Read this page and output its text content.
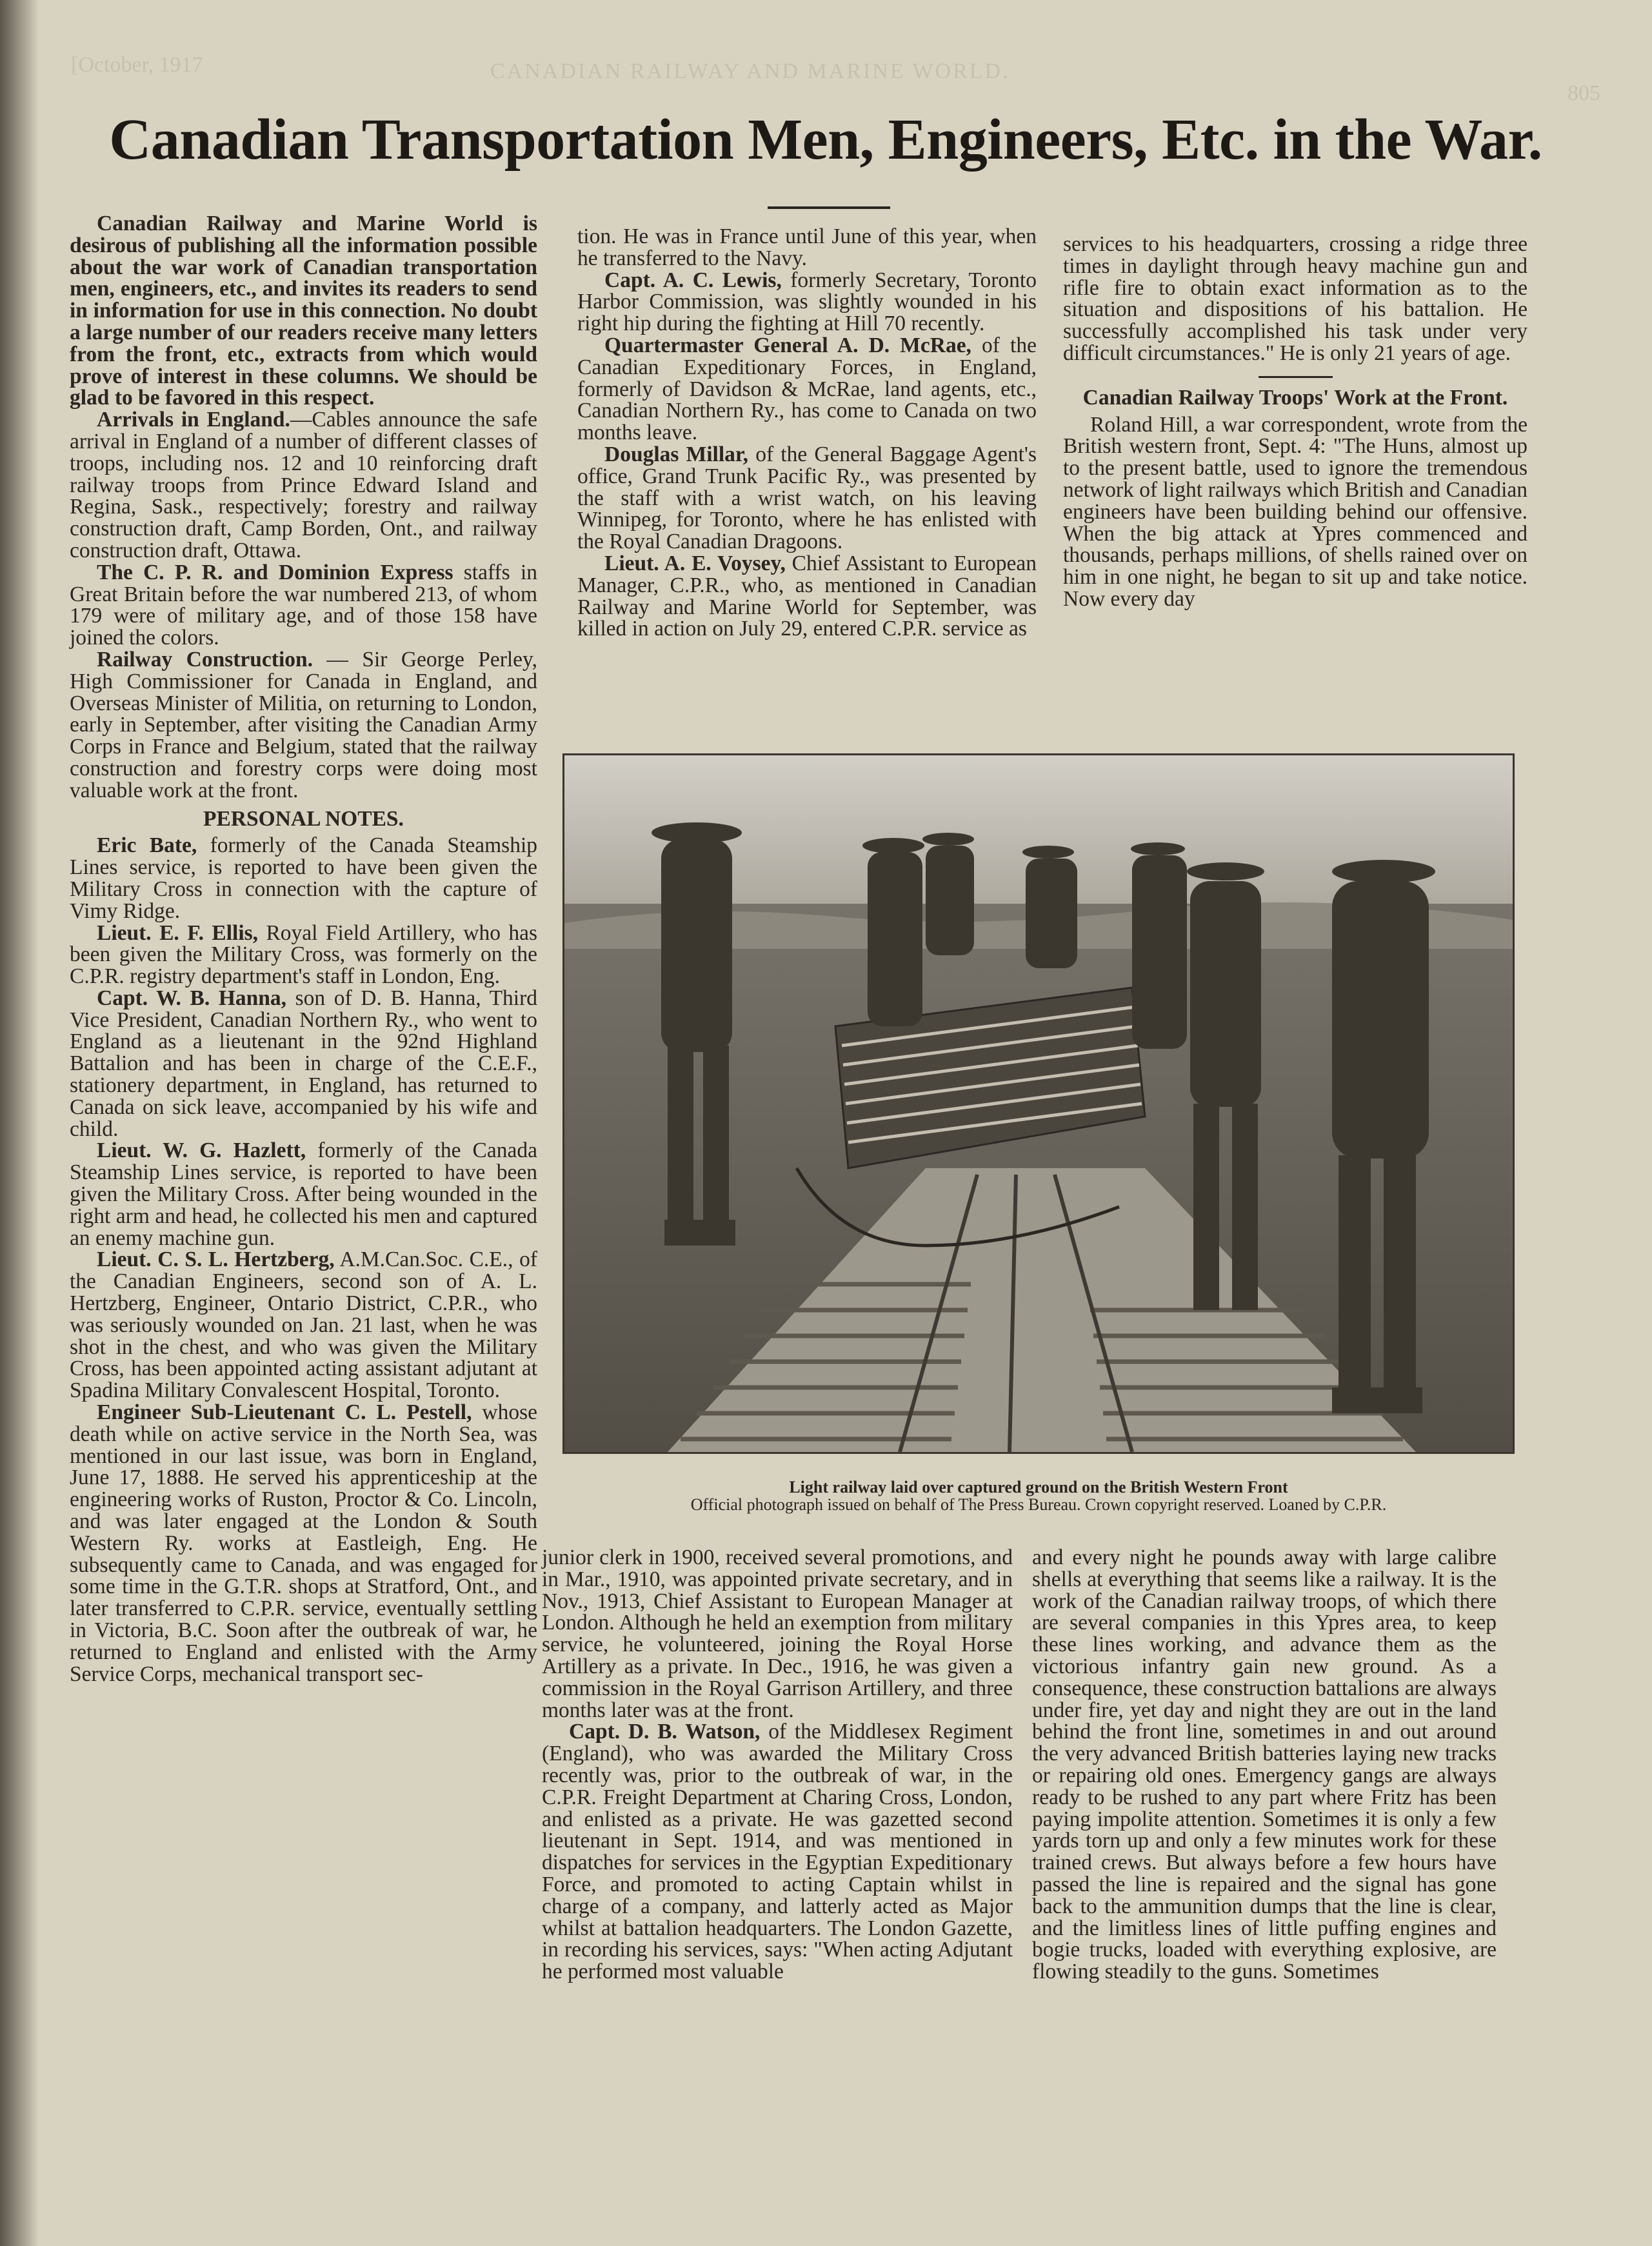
[October, 1917	CANADIAN RAILWAY AND MARINE WORLD.
805
Canadian Transportation Men, Engineers, Etc. in the War.

Canadian Railway and Marine World is desirous of publishing all the information possible about the war work of Canadian transportation men, engineers, etc., and invites its readers to send in information for use in this connection. No doubt a large number of our readers receive many letters from the front, etc., extracts from which would prove of interest in these columns. We should be glad to be favored in this respect.

Arrivals in England.—Cables announce the safe arrival in England of a number of different classes of troops, including nos. 12 and 10 reinforcing draft railway troops from Prince Edward Island and Regina, Sask., respectively; forestry and railway construction draft, Camp Borden, Ont., and railway construction draft, Ottawa.

The C. P. R. and Dominion Express staffs in Great Britain before the war numbered 213, of whom 179 were of military age, and of those 158 have joined the colors.

Railway Construction. — Sir George Perley, High Commissioner for Canada in England, and Overseas Minister of Militia, on returning to London, early in September, after visiting the Canadian Army Corps in France and Belgium, stated that the railway construction and forestry corps were doing most valuable work at the front.

PERSONAL NOTES.

Eric Bate, formerly of the Canada Steamship Lines service, is reported to have been given the Military Cross in connection with the capture of Vimy Ridge.

Lieut. E. F. Ellis, Royal Field Artillery, who has been given the Military Cross, was formerly on the C.P.R. registry department's staff in London, Eng.

Capt. W. B. Hanna, son of D. B. Hanna, Third Vice President, Canadian Northern Ry., who went to England as a lieutenant in the 92nd Highland Battalion and has been in charge of the C.E.F., stationery department, in England, has returned to Canada on sick leave, accompanied by his wife and child.

Lieut. W. G. Hazlett, formerly of the Canada Steamship Lines service, is reported to have been given the Military Cross. After being wounded in the right arm and head, he collected his men and captured an enemy machine gun.

Lieut. C. S. L. Hertzberg, A.M.Can.Soc. C.E., of the Canadian Engineers, second son of A. L. Hertzberg, Engineer, Ontario District, C.P.R., who was seriously wounded on Jan. 21 last, when he was shot in the chest, and who was given the Military Cross, has been appointed acting assistant adjutant at Spadina Military Convalescent Hospital, Toronto.

Engineer Sub-Lieutenant C. L. Pestell, whose death while on active service in the North Sea, was mentioned in our last issue, was born in England, June 17, 1888. He served his apprenticeship at the engineering works of Ruston, Proctor & Co. Lincoln, and was later engaged at the London & South Western Ry. works at Eastleigh, Eng. He subsequently came to Canada, and was engaged for some time in the G.T.R. shops at Stratford, Ont., and later transferred to C.P.R. service, eventually settling in Victoria, B.C. Soon after the outbreak of war, he returned to England and enlisted with the Army Service Corps, mechanical transport sec-

tion. He was in France until June of this year, when he transferred to the Navy.

Capt. A. C. Lewis, formerly Secretary, Toronto Harbor Commission, was slightly wounded in his right hip during the fighting at Hill 70 recently.

Quartermaster General A. D. McRae, of the Canadian Expeditionary Forces, in England, formerly of Davidson & McRae, land agents, etc., Canadian Northern Ry., has come to Canada on two months leave.

Douglas Millar, of the General Baggage Agent's office, Grand Trunk Pacific Ry., was presented by the staff with a wrist watch, on his leaving Winnipeg, for Toronto, where he has enlisted with the Royal Canadian Dragoons.

Lieut. A. E. Voysey, Chief Assistant to European Manager, C.P.R., who, as mentioned in Canadian Railway and Marine World for September, was killed in action on July 29, entered C.P.R. service as

services to his headquarters, crossing a ridge three times in daylight through heavy machine gun and rifle fire to obtain exact information as to the situation and dispositions of his battalion. He successfully accomplished his task under very difficult circumstances." He is only 21 years of age.

Canadian Railway Troops' Work at the Front.

Roland Hill, a war correspondent, wrote from the British western front, Sept. 4: "The Huns, almost up to the present battle, used to ignore the tremendous network of light railways which British and Canadian engineers have been building behind our offensive. When the big attack at Ypres commenced and thousands, perhaps millions, of shells rained over on him in one night, he began to sit up and take notice. Now every day

Light railway laid over captured ground on the British Western Front
Official photograph issued on behalf of The Press Bureau. Crown copyright reserved. Loaned by C.P.R.

junior clerk in 1900, received several promotions, and in Mar., 1910, was appointed private secretary, and in Nov., 1913, Chief Assistant to European Manager at London. Although he held an exemption from military service, he volunteered, joining the Royal Horse Artillery as a private. In Dec., 1916, he was given a commission in the Royal Garrison Artillery, and three months later was at the front.

Capt. D. B. Watson, of the Middlesex Regiment (England), who was awarded the Military Cross recently was, prior to the outbreak of war, in the C.P.R. Freight Department at Charing Cross, London, and enlisted as a private. He was gazetted second lieutenant in Sept. 1914, and was mentioned in dispatches for services in the Egyptian Expeditionary Force, and promoted to acting Captain whilst in charge of a company, and latterly acted as Major whilst at battalion headquarters. The London Gazette, in recording his services, says: "When acting Adjutant he performed most valuable

and every night he pounds away with large calibre shells at everything that seems like a railway. It is the work of the Canadian railway troops, of which there are several companies in this Ypres area, to keep these lines working, and advance them as the victorious infantry gain new ground. As a consequence, these construction battalions are always under fire, yet day and night they are out in the land behind the front line, sometimes in and out around the very advanced British batteries laying new tracks or repairing old ones. Emergency gangs are always ready to be rushed to any part where Fritz has been paying impolite attention. Sometimes it is only a few yards torn up and only a few minutes work for these trained crews. But always before a few hours have passed the line is repaired and the signal has gone back to the ammunition dumps that the line is clear, and the limitless lines of little puffing engines and bogie trucks, loaded with everything explosive, are flowing steadily to the guns. Sometimes
